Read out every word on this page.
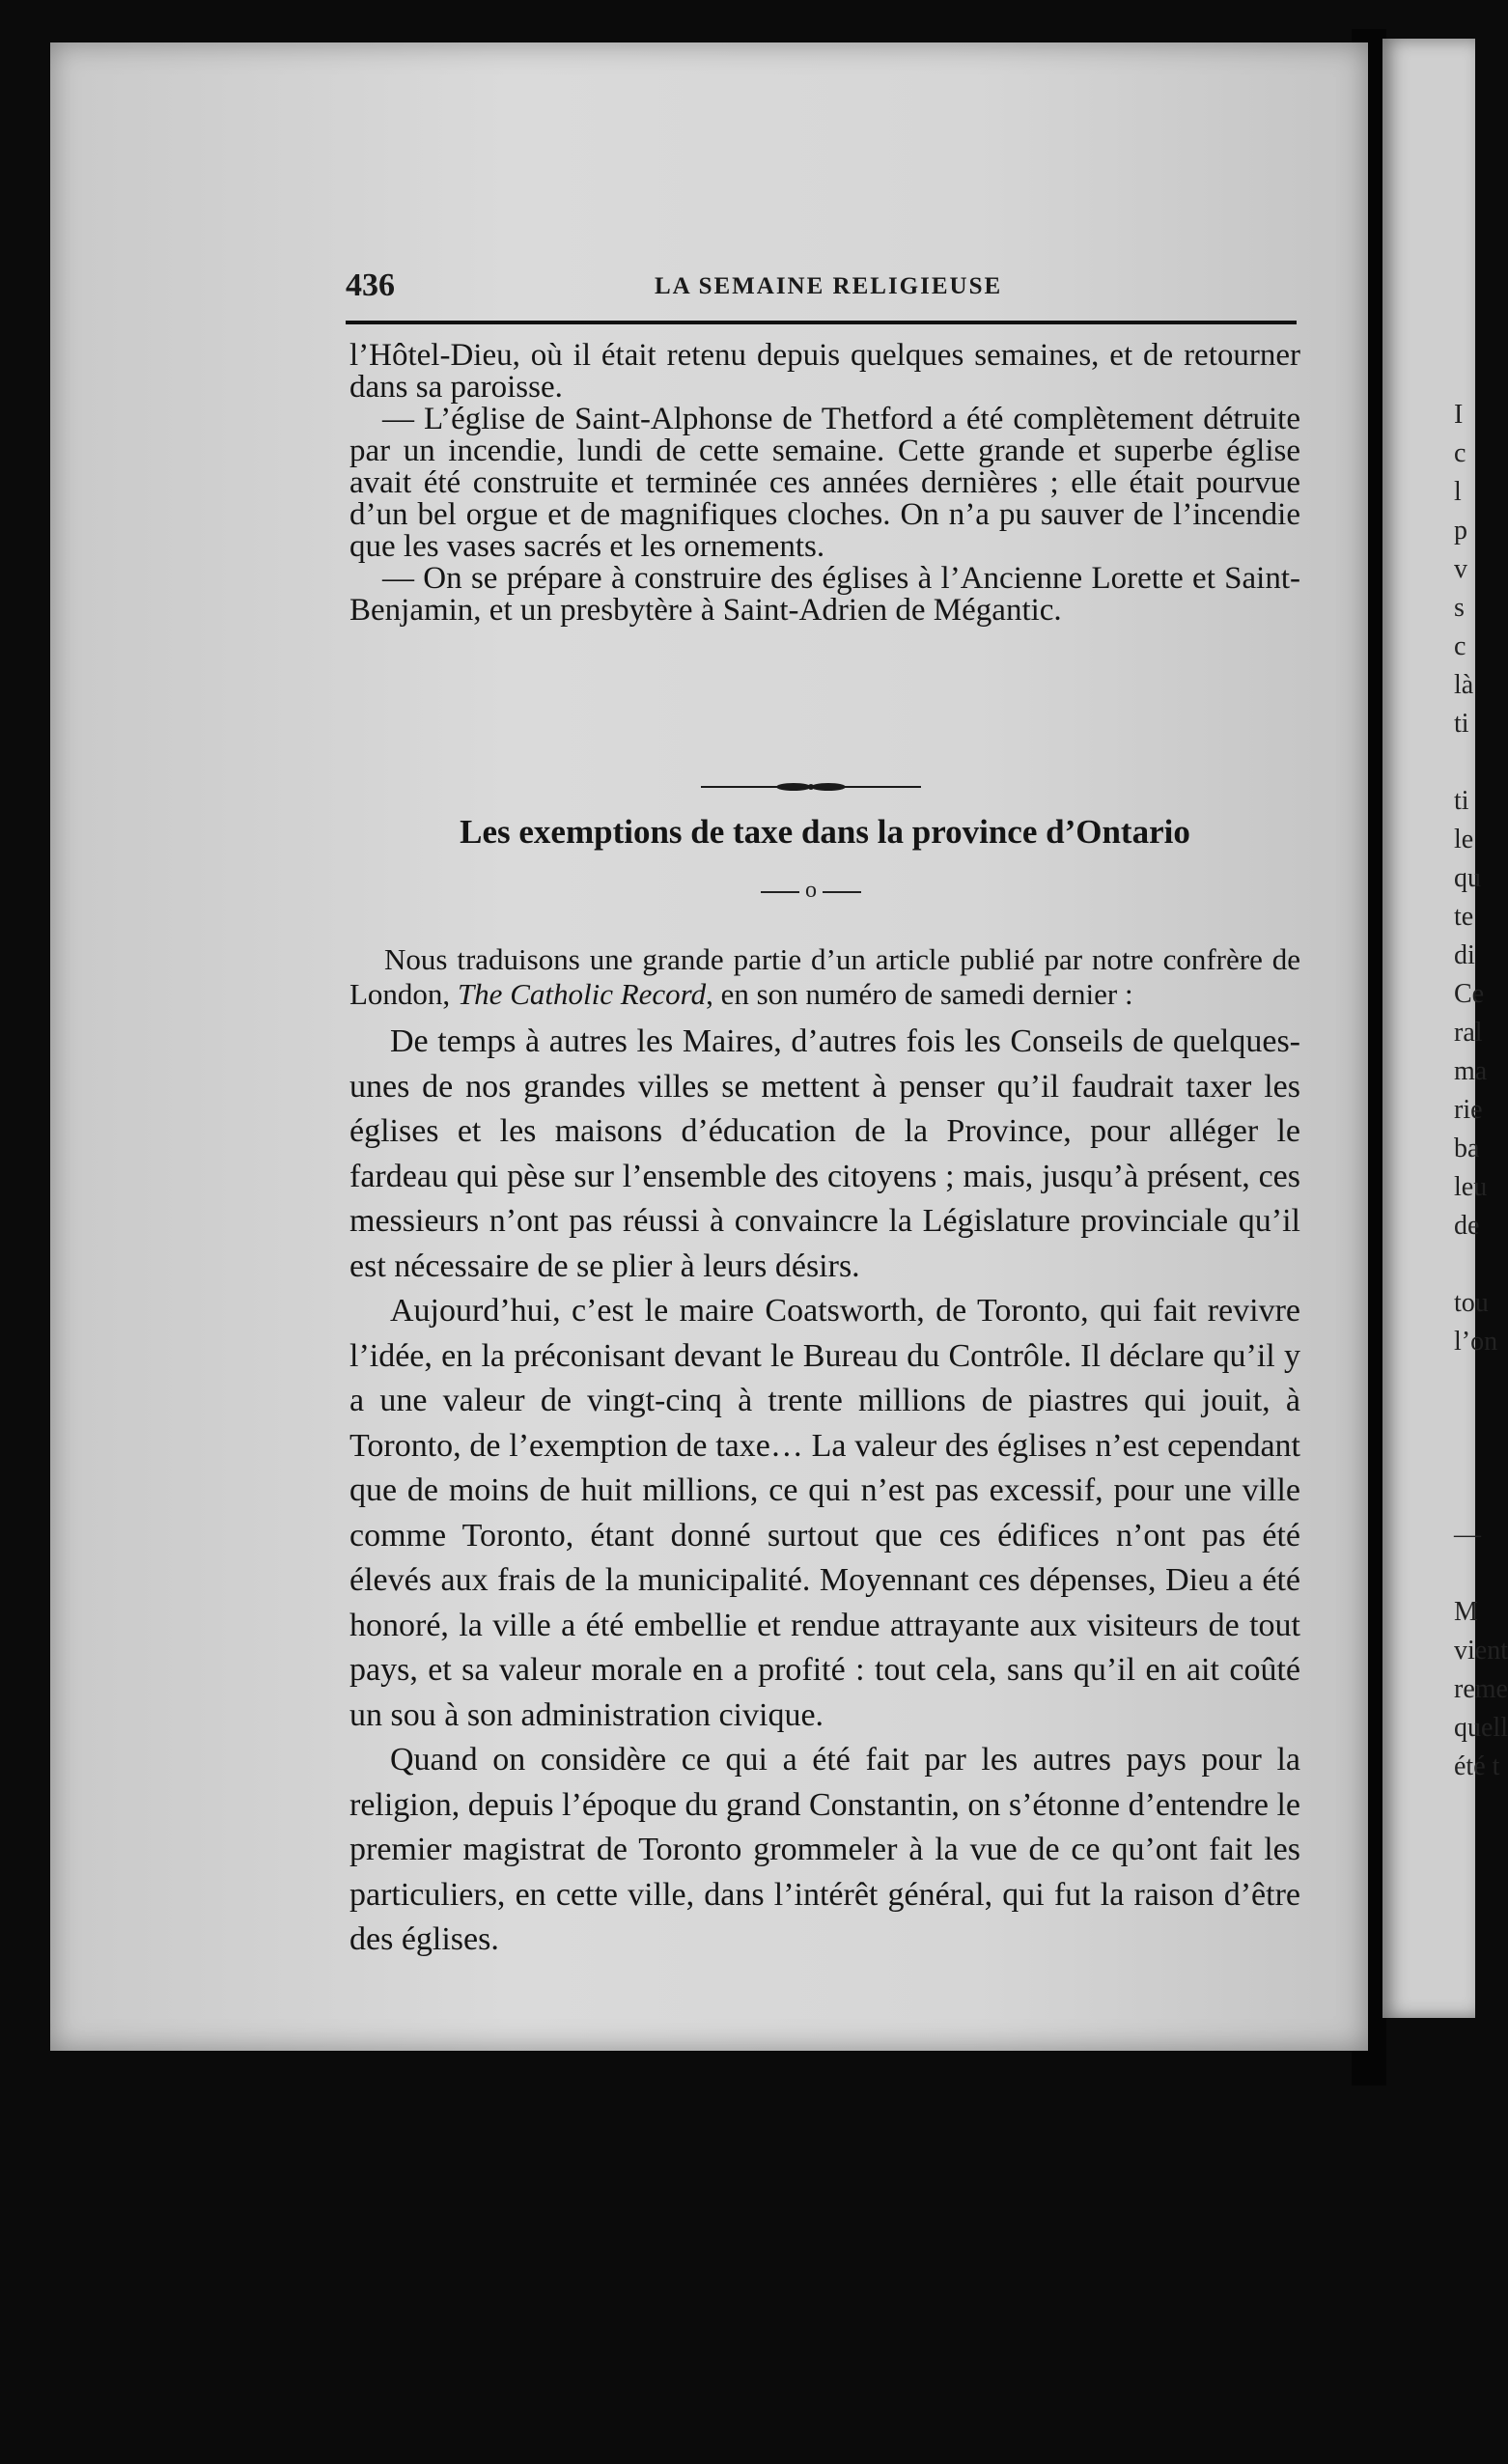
436	LA SEMAINE RELIGIEUSE

l’Hôtel-Dieu, où il était retenu depuis quelques semaines, et de retourner dans sa paroisse.

— L’église de Saint-Alphonse de Thetford a été complètement détruite par un incendie, lundi de cette semaine. Cette grande et superbe église avait été construite et terminée ces années dernières ; elle était pourvue d’un bel orgue et de magnifiques cloches. On n’a pu sauver de l’incendie que les vases sacrés et les ornements.

— On se prépare à construire des églises à l’Ancienne Lorette et Saint-Benjamin, et un presbytère à Saint-Adrien de Mégantic.

Les exemptions de taxe dans la province d’Ontario
o

Nous traduisons une grande partie d’un article publié par notre confrère de London, The Catholic Record, en son numéro de samedi dernier :

De temps à autres les Maires, d’autres fois les Conseils de quelques-unes de nos grandes villes se mettent à penser qu’il faudrait taxer les églises et les maisons d’éducation de la Province, pour alléger le fardeau qui pèse sur l’ensemble des citoyens ; mais, jusqu’à présent, ces messieurs n’ont pas réussi à convaincre la Législature provinciale qu’il est nécessaire de se plier à leurs désirs.

Aujourd’hui, c’est le maire Coatsworth, de Toronto, qui fait revivre l’idée, en la préconisant devant le Bureau du Contrôle. Il déclare qu’il y a une valeur de vingt-cinq à trente millions de piastres qui jouit, à Toronto, de l’exemption de taxe… La valeur des églises n’est cependant que de moins de huit millions, ce qui n’est pas excessif, pour une ville comme Toronto, étant donné surtout que ces édifices n’ont pas été élevés aux frais de la municipalité. Moyennant ces dépenses, Dieu a été honoré, la ville a été embellie et rendue attrayante aux visiteurs de tout pays, et sa valeur morale en a profité : tout cela, sans qu’il en ait coûté un sou à son administration civique.

Quand on considère ce qui a été fait par les autres pays pour la religion, depuis l’époque du grand Constantin, on s’étonne d’entendre le premier magistrat de Toronto grommeler à la vue de ce qu’ont fait les particuliers, en cette ville, dans l’intérêt général, qui fut la raison d’être des églises.

I
c
l
p
v
s
c
là
ti
ti
le
qu
te
di
Ce
ral
ma
rie
ba
leu
de
tou
l’on
—
M
vient
reme
quell
été t
